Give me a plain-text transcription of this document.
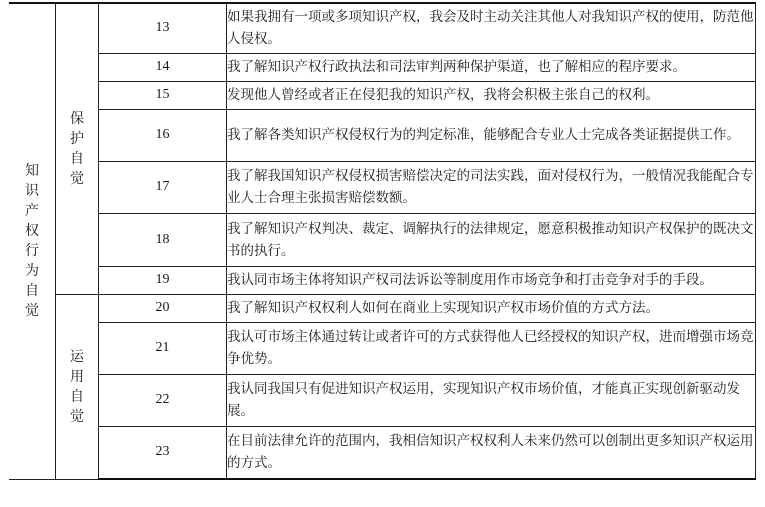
知识产权行为自觉	保护自觉	13	如果我拥有一项或多项知识产权，我会及时主动关注其他人对我知识产权的使用，防范他人侵权。
		14	我了解知识产权行政执法和司法审判两种保护渠道，也了解相应的程序要求。
		15	发现他人曾经或者正在侵犯我的知识产权，我将会积极主张自己的权利。
		16	我了解各类知识产权侵权行为的判定标准，能够配合专业人士完成各类证据提供工作。
		17	我了解我国知识产权侵权损害赔偿决定的司法实践，面对侵权行为，一般情况我能配合专业人士合理主张损害赔偿数额。
		18	我了解知识产权判决、裁定、调解执行的法律规定，愿意积极推动知识产权保护的既决文书的执行。
		19	我认同市场主体将知识产权司法诉讼等制度用作市场竞争和打击竞争对手的手段。
	运用自觉	20	我了解知识产权权利人如何在商业上实现知识产权市场价值的方式方法。
		21	我认可市场主体通过转让或者许可的方式获得他人已经授权的知识产权，进而增强市场竞争优势。
		22	我认同我国只有促进知识产权运用，实现知识产权市场价值，才能真正实现创新驱动发展。
		23	在目前法律允许的范围内，我相信知识产权权利人未来仍然可以创制出更多知识产权运用的方式。
